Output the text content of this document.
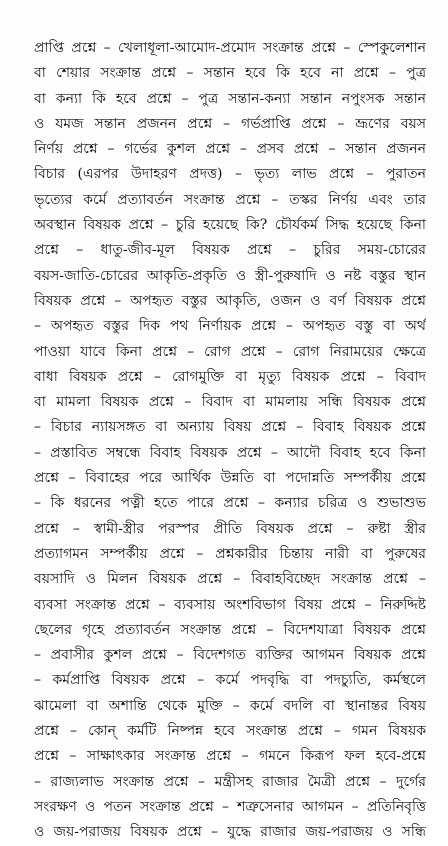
প্রাপ্তি প্রশ্নে – খেলাধূলা-আমোদ-প্রমোদ সংক্রান্ত প্রশ্নে – স্পেকুলেশান
বা শেয়ার সংক্রান্ত প্রশ্নে – সন্তান হবে কি হবে না প্রশ্নে – পুত্র
বা কন্যা কি হবে প্রশ্নে – পুত্র সন্তান-কন্যা সন্তান নপুংসক সন্তান
ও যমজ সন্তান প্রজনন প্রশ্নে – গর্ভপ্রাপ্তি প্রশ্নে – ভ্রূণের বয়স
নির্ণয় প্রশ্নে – গর্ভের কুশল প্রশ্নে – প্রসব প্রশ্নে – সন্তান প্রজনন
বিচার (এরপর উদাহরণ প্রদত্ত) – ভৃত্য লাভ প্রশ্নে – পুরাতন
ভৃত্যের কর্মে প্রত্যাবর্তন সংক্রান্ত প্রশ্নে – তস্কর নির্ণয় এবং তার
অবস্থান বিষয়ক প্রশ্নে – চুরি হয়েছে কি? চৌর্যকর্ম সিদ্ধ হয়েছে কিনা
প্রশ্নে – ধাতু-জীব-মূল বিষয়ক প্রশ্নে – চুরির সময়-চোরের
বয়স-জাতি-চোরের আকৃতি-প্রকৃতি ও স্ত্রী-পুরুষাদি ও নষ্ট বস্তুর স্থান
বিষয়ক প্রশ্নে – অপহৃত বস্তুর আকৃতি, ওজন ও বর্ণ বিষয়ক প্রশ্নে
– অপহৃত বস্তুর দিক পথ নির্ণায়ক প্রশ্নে – অপহৃত বস্তু বা অর্থ
পাওয়া যাবে কিনা প্রশ্নে – রোগ প্রশ্নে – রোগ নিরাময়ের ক্ষেত্রে
বাধা বিষয়ক প্রশ্নে – রোগমুক্তি বা মৃত্যু বিষয়ক প্রশ্নে – বিবাদ
বা মামলা বিষয়ক প্রশ্নে – বিবাদ বা মামলায় সন্ধি বিষয়ক প্রশ্নে
– বিচার ন্যায়সঙ্গত বা অন্যায় বিষয় প্রশ্নে – বিবাহ বিষয়ক প্রশ্নে
– প্রস্তাবিত সম্বন্ধে বিবাহ বিষয়ক প্রশ্নে – আদৌ বিবাহ হবে কিনা
প্রশ্নে – বিবাহের পরে আর্থিক উন্নতি বা পদোন্নতি সম্পর্কীয় প্রশ্নে
– কি ধরনের পত্নী হতে পারে প্রশ্নে – কন্যার চরিত্র ও শুভাশুভ
প্রশ্নে – স্বামী-স্ত্রীর পরস্পর প্রীতি বিষয়ক প্রশ্নে – রুষ্টা স্ত্রীর
প্রত্যাগমন সম্পর্কীয় প্রশ্নে – প্রশ্নকারীর চিন্তায় নারী বা পুরুষের
বয়সাদি ও মিলন বিষয়ক প্রশ্নে – বিবাহবিচ্ছেদ সংক্রান্ত প্রশ্নে –
ব্যবসা সংক্রান্ত প্রশ্নে – ব্যবসায় অংশবিভাগ বিষয় প্রশ্নে – নিরুদ্দিষ্ট
ছেলের গৃহে প্রত্যাবর্তন সংক্রান্ত প্রশ্নে – বিদেশযাত্রা বিষয়ক প্রশ্নে
– প্রবাসীর কুশল প্রশ্নে – বিদেশগত ব্যক্তির আগমন বিষয়ক প্রশ্নে
– কর্মপ্রাপ্তি বিষয়ক প্রশ্নে – কর্মে পদবৃদ্ধি বা পদচ্যুতি, কর্মস্থলে
ঝামেলা বা অশান্তি থেকে মুক্তি – কর্মে বদলি বা স্থানান্তর বিষয়
প্রশ্নে – কোন্ কর্মটি নিষ্পন্ন হবে সংক্রান্ত প্রশ্নে – গমন বিষয়ক
প্রশ্নে – সাক্ষাৎকার সংক্রান্ত প্রশ্নে – গমনে কিরূপ ফল হবে-প্রশ্নে
– রাজ্যলাভ সংক্রান্ত প্রশ্নে – মন্ত্রীসহ রাজার মৈত্রী প্রশ্নে – দুর্গের
সংরক্ষণ ও পতন সংক্রান্ত প্রশ্নে – শত্রুসেনার আগমন – প্রতিনিবৃত্তি
ও জয়-পরাজয় বিষয়ক প্রশ্নে – যুদ্ধে রাজার জয়-পরাজয় ও সন্ধি
